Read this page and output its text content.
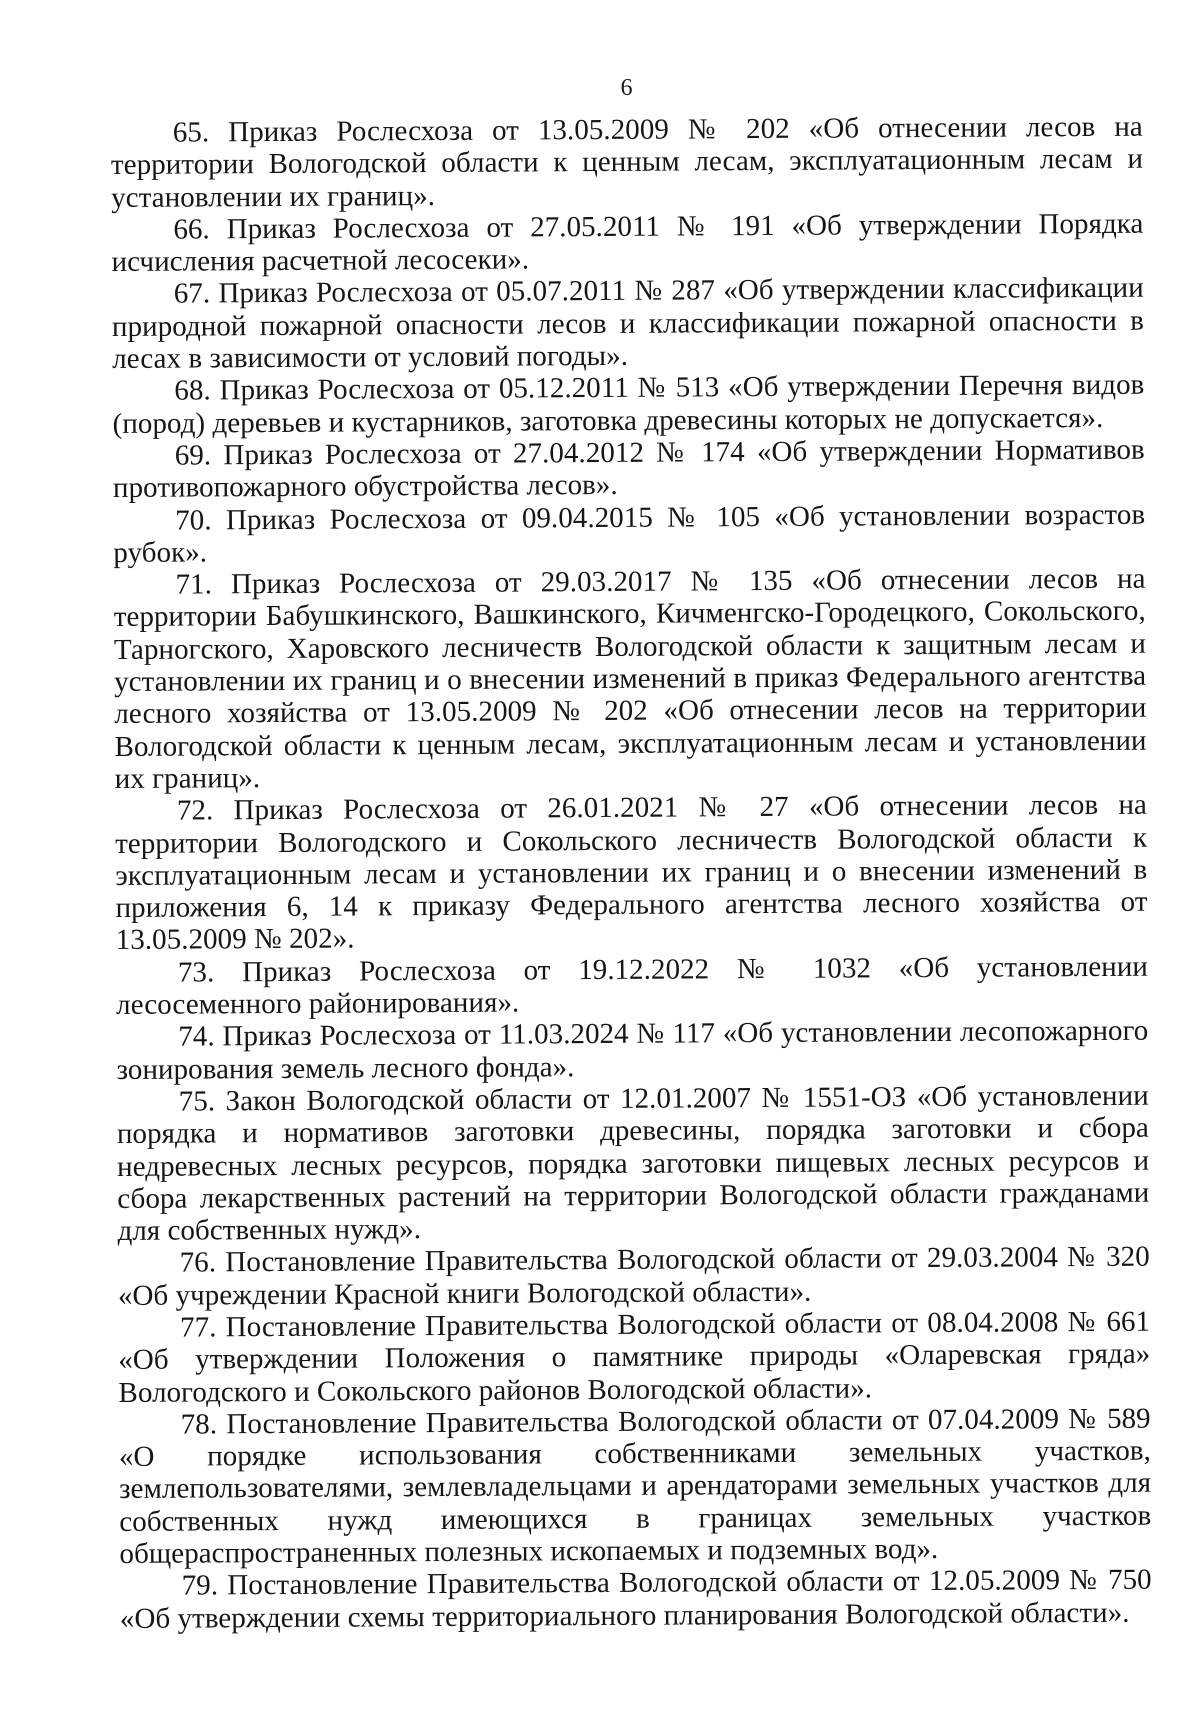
6

65. Приказ Рослесхоза от 13.05.2009 № 202 «Об отнесении лесов на территории Вологодской области к ценным лесам, эксплуатационным лесам и установлении их границ».

66. Приказ Рослесхоза от 27.05.2011 № 191 «Об утверждении Порядка исчисления расчетной лесосеки».

67. Приказ Рослесхоза от 05.07.2011 № 287 «Об утверждении классификации природной пожарной опасности лесов и классификации пожарной опасности в лесах в зависимости от условий погоды».

68. Приказ Рослесхоза от 05.12.2011 № 513 «Об утверждении Перечня видов (пород) деревьев и кустарников, заготовка древесины которых не допускается».

69. Приказ Рослесхоза от 27.04.2012 № 174 «Об утверждении Нормативов противопожарного обустройства лесов».

70. Приказ Рослесхоза от 09.04.2015 № 105 «Об установлении возрастов рубок».

71. Приказ Рослесхоза от 29.03.2017 № 135 «Об отнесении лесов на территории Бабушкинского, Вашкинского, Кичменгско-Городецкого, Сокольского, Тарногского, Харовского лесничеств Вологодской области к защитным лесам и установлении их границ и о внесении изменений в приказ Федерального агентства лесного хозяйства от 13.05.2009 № 202 «Об отнесении лесов на территории Вологодской области к ценным лесам, эксплуатационным лесам и установлении их границ».

72. Приказ Рослесхоза от 26.01.2021 № 27 «Об отнесении лесов на территории Вологодского и Сокольского лесничеств Вологодской области к эксплуатационным лесам и установлении их границ и о внесении изменений в приложения 6, 14 к приказу Федерального агентства лесного хозяйства от 13.05.2009 № 202».

73. Приказ Рослесхоза от 19.12.2022 № 1032 «Об установлении лесосеменного районирования».

74. Приказ Рослесхоза от 11.03.2024 № 117 «Об установлении лесопожарного зонирования земель лесного фонда».

75. Закон Вологодской области от 12.01.2007 № 1551-ОЗ «Об установлении порядка и нормативов заготовки древесины, порядка заготовки и сбора недревесных лесных ресурсов, порядка заготовки пищевых лесных ресурсов и сбора лекарственных растений на территории Вологодской области гражданами для собственных нужд».

76. Постановление Правительства Вологодской области от 29.03.2004 № 320 «Об учреждении Красной книги Вологодской области».

77. Постановление Правительства Вологодской области от 08.04.2008 № 661 «Об утверждении Положения о памятнике природы «Оларевская гряда» Вологодского и Сокольского районов Вологодской области».

78. Постановление Правительства Вологодской области от 07.04.2009 № 589 «О порядке использования собственниками земельных участков, землепользователями, землевладельцами и арендаторами земельных участков для собственных нужд имеющихся в границах земельных участков общераспространенных полезных ископаемых и подземных вод».

79. Постановление Правительства Вологодской области от 12.05.2009 № 750 «Об утверждении схемы территориального планирования Вологодской области».
